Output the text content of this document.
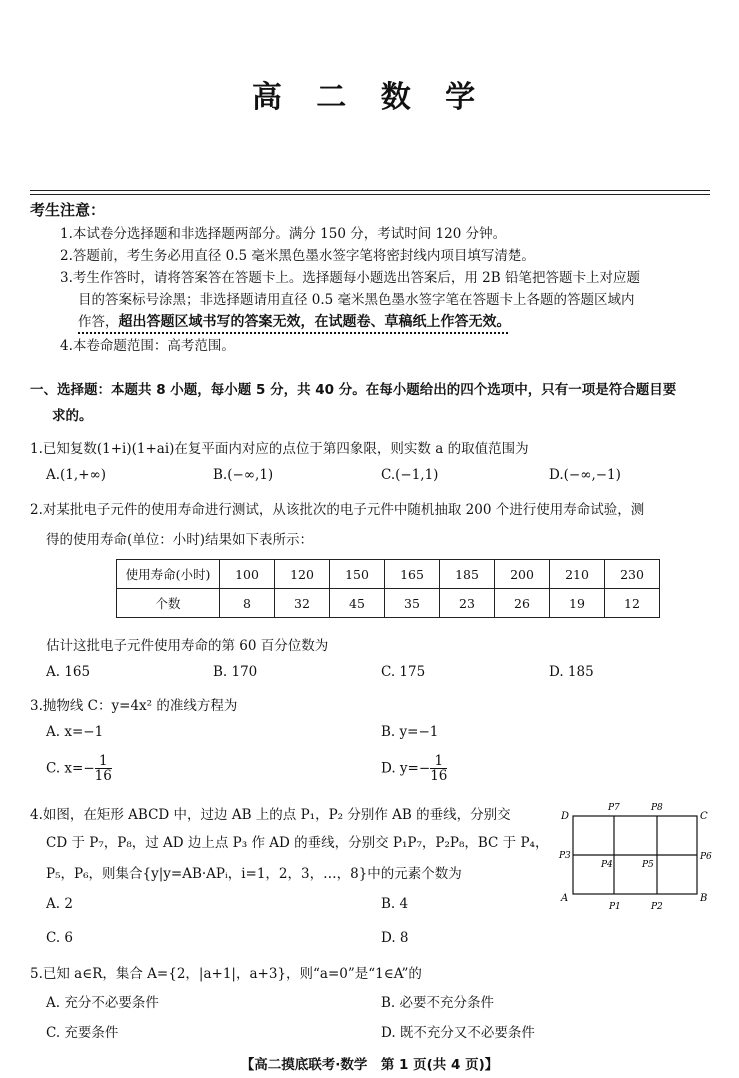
高 二 数 学
考生注意：
1.本试卷分选择题和非选择题两部分。满分 150 分，考试时间 120 分钟。
2.答题前，考生务必用直径 0.5 毫米黑色墨水签字笔将密封线内项目填写清楚。
3.考生作答时，请将答案答在答题卡上。选择题每小题选出答案后，用 2B 铅笔把答题卡上对应题
目的答案标号涂黑；非选择题请用直径 0.5 毫米黑色墨水签字笔在答题卡上各题的答题区域内
作答，超出答题区域书写的答案无效，在试题卷、草稿纸上作答无效。
4.本卷命题范围：高考范围。
一、选择题：本题共 8 小题，每小题 5 分，共 40 分。在每小题给出的四个选项中，只有一项是符合题目要
求的。
1.已知复数(1+i)(1+ai)在复平面内对应的点位于第四象限，则实数 a 的取值范围为
A.(1,+∞)	B.(−∞,1)	C.(−1,1)	D.(−∞,−1)
2.对某批电子元件的使用寿命进行测试，从该批次的电子元件中随机抽取 200 个进行使用寿命试验，测
得的使用寿命(单位：小时)结果如下表所示：
使用寿命(小时)	100	120	150	165	185	200	210	230
个数	8	32	45	35	23	26	19	12
估计这批电子元件使用寿命的第 60 百分位数为
A. 165	B. 170	C. 175	D. 185
3.抛物线 C：y=4x² 的准线方程为
A. x=−1	B. y=−1
C. $x=- \frac{1}{16}$	D. $y=- \frac{1}{16}$
4.如图，在矩形 ABCD 中，过边 AB 上的点 P₁，P₂ 分别作 AB 的垂线，分别交
CD 于 P₇，P₈，过 AD 边上点 P₃ 作 AD 的垂线，分别交 P₁P₇，P₂P₈，BC 于 P₄，
P₅，P₆，则集合{y|y=AB·APᵢ，i=1，2，3，…，8}中的元素个数为
A. 2	B. 4
C. 6	D. 8
D	C
A	B
P7	P8
P3	P6
P4	P5
P1	P2
5.已知 a∈R，集合 A={2，|a+1|，a+3}，则“a=0”是“1∈A”的
A. 充分不必要条件	B. 必要不充分条件
C. 充要条件	D. 既不充分又不必要条件
【高二摸底联考·数学　第 1 页(共 4 页)】
